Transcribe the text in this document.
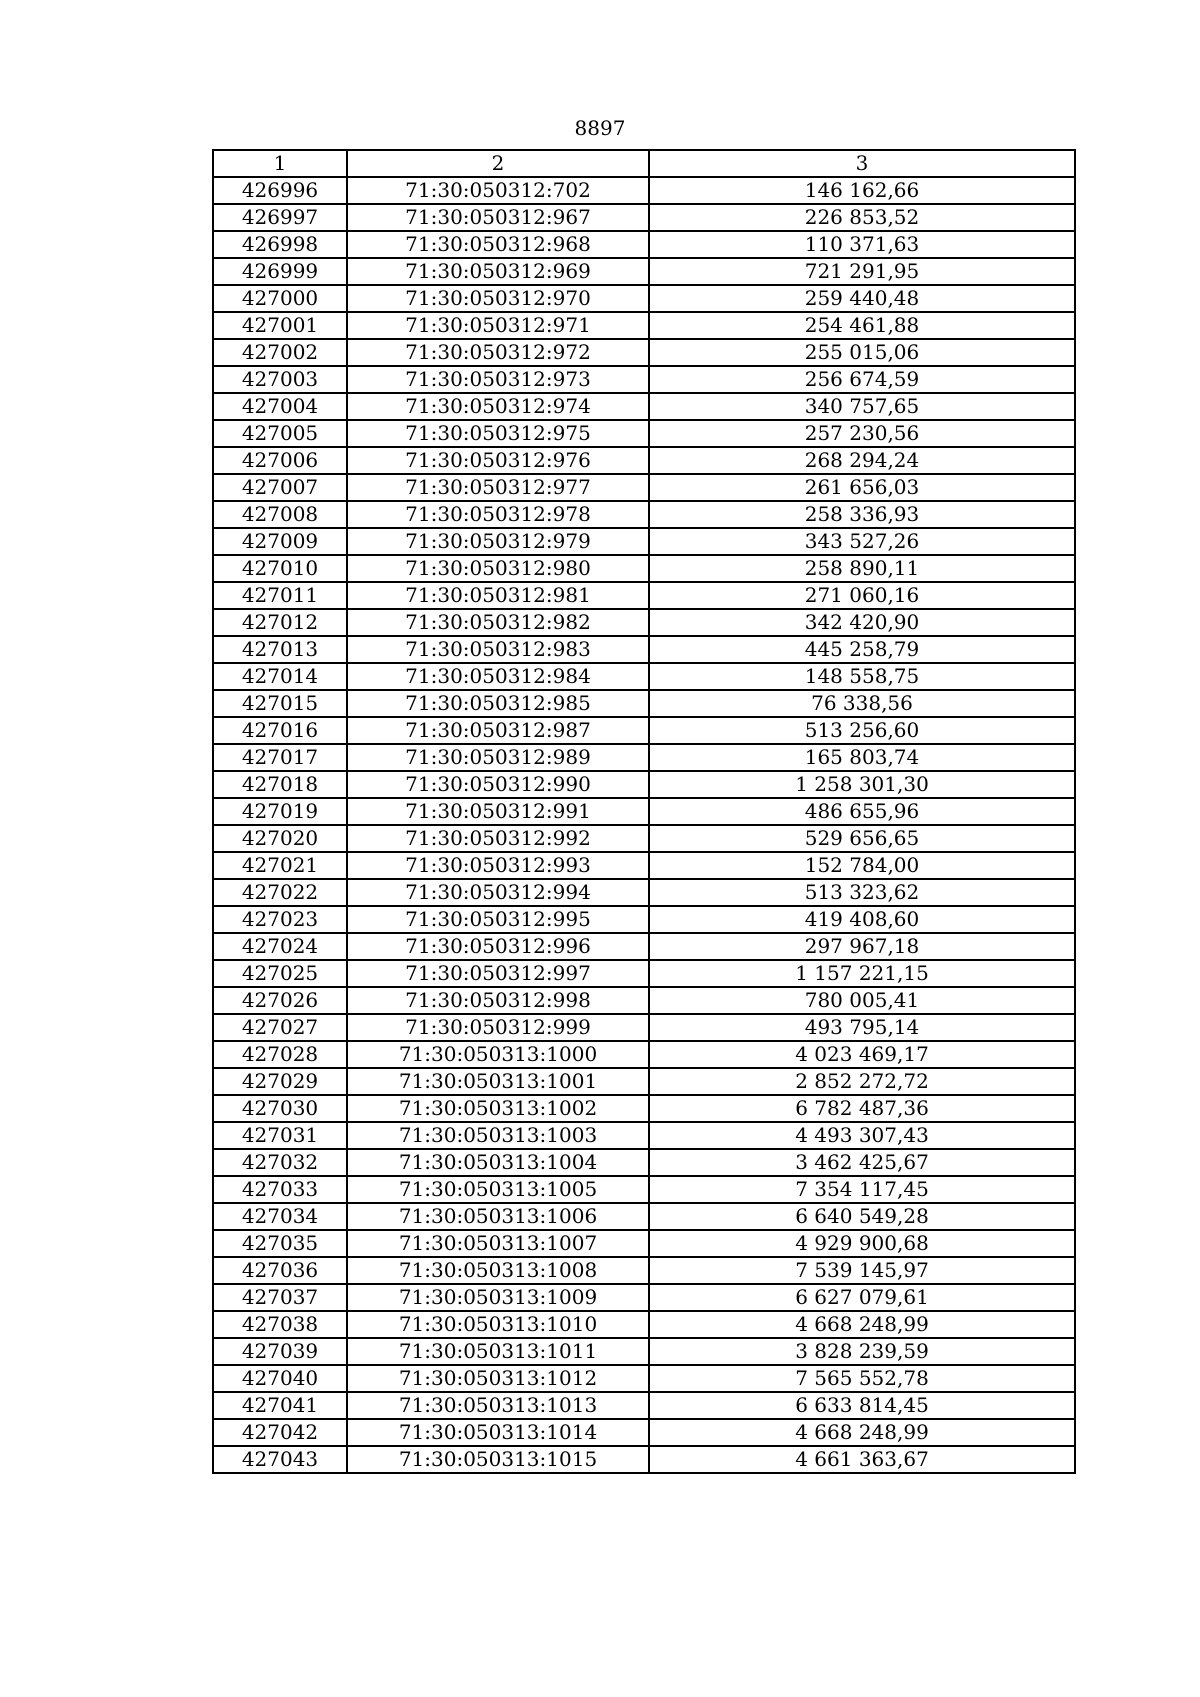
8897
1	2	3
426996	71:30:050312:702	146 162,66
426997	71:30:050312:967	226 853,52
426998	71:30:050312:968	110 371,63
426999	71:30:050312:969	721 291,95
427000	71:30:050312:970	259 440,48
427001	71:30:050312:971	254 461,88
427002	71:30:050312:972	255 015,06
427003	71:30:050312:973	256 674,59
427004	71:30:050312:974	340 757,65
427005	71:30:050312:975	257 230,56
427006	71:30:050312:976	268 294,24
427007	71:30:050312:977	261 656,03
427008	71:30:050312:978	258 336,93
427009	71:30:050312:979	343 527,26
427010	71:30:050312:980	258 890,11
427011	71:30:050312:981	271 060,16
427012	71:30:050312:982	342 420,90
427013	71:30:050312:983	445 258,79
427014	71:30:050312:984	148 558,75
427015	71:30:050312:985	76 338,56
427016	71:30:050312:987	513 256,60
427017	71:30:050312:989	165 803,74
427018	71:30:050312:990	1 258 301,30
427019	71:30:050312:991	486 655,96
427020	71:30:050312:992	529 656,65
427021	71:30:050312:993	152 784,00
427022	71:30:050312:994	513 323,62
427023	71:30:050312:995	419 408,60
427024	71:30:050312:996	297 967,18
427025	71:30:050312:997	1 157 221,15
427026	71:30:050312:998	780 005,41
427027	71:30:050312:999	493 795,14
427028	71:30:050313:1000	4 023 469,17
427029	71:30:050313:1001	2 852 272,72
427030	71:30:050313:1002	6 782 487,36
427031	71:30:050313:1003	4 493 307,43
427032	71:30:050313:1004	3 462 425,67
427033	71:30:050313:1005	7 354 117,45
427034	71:30:050313:1006	6 640 549,28
427035	71:30:050313:1007	4 929 900,68
427036	71:30:050313:1008	7 539 145,97
427037	71:30:050313:1009	6 627 079,61
427038	71:30:050313:1010	4 668 248,99
427039	71:30:050313:1011	3 828 239,59
427040	71:30:050313:1012	7 565 552,78
427041	71:30:050313:1013	6 633 814,45
427042	71:30:050313:1014	4 668 248,99
427043	71:30:050313:1015	4 661 363,67
